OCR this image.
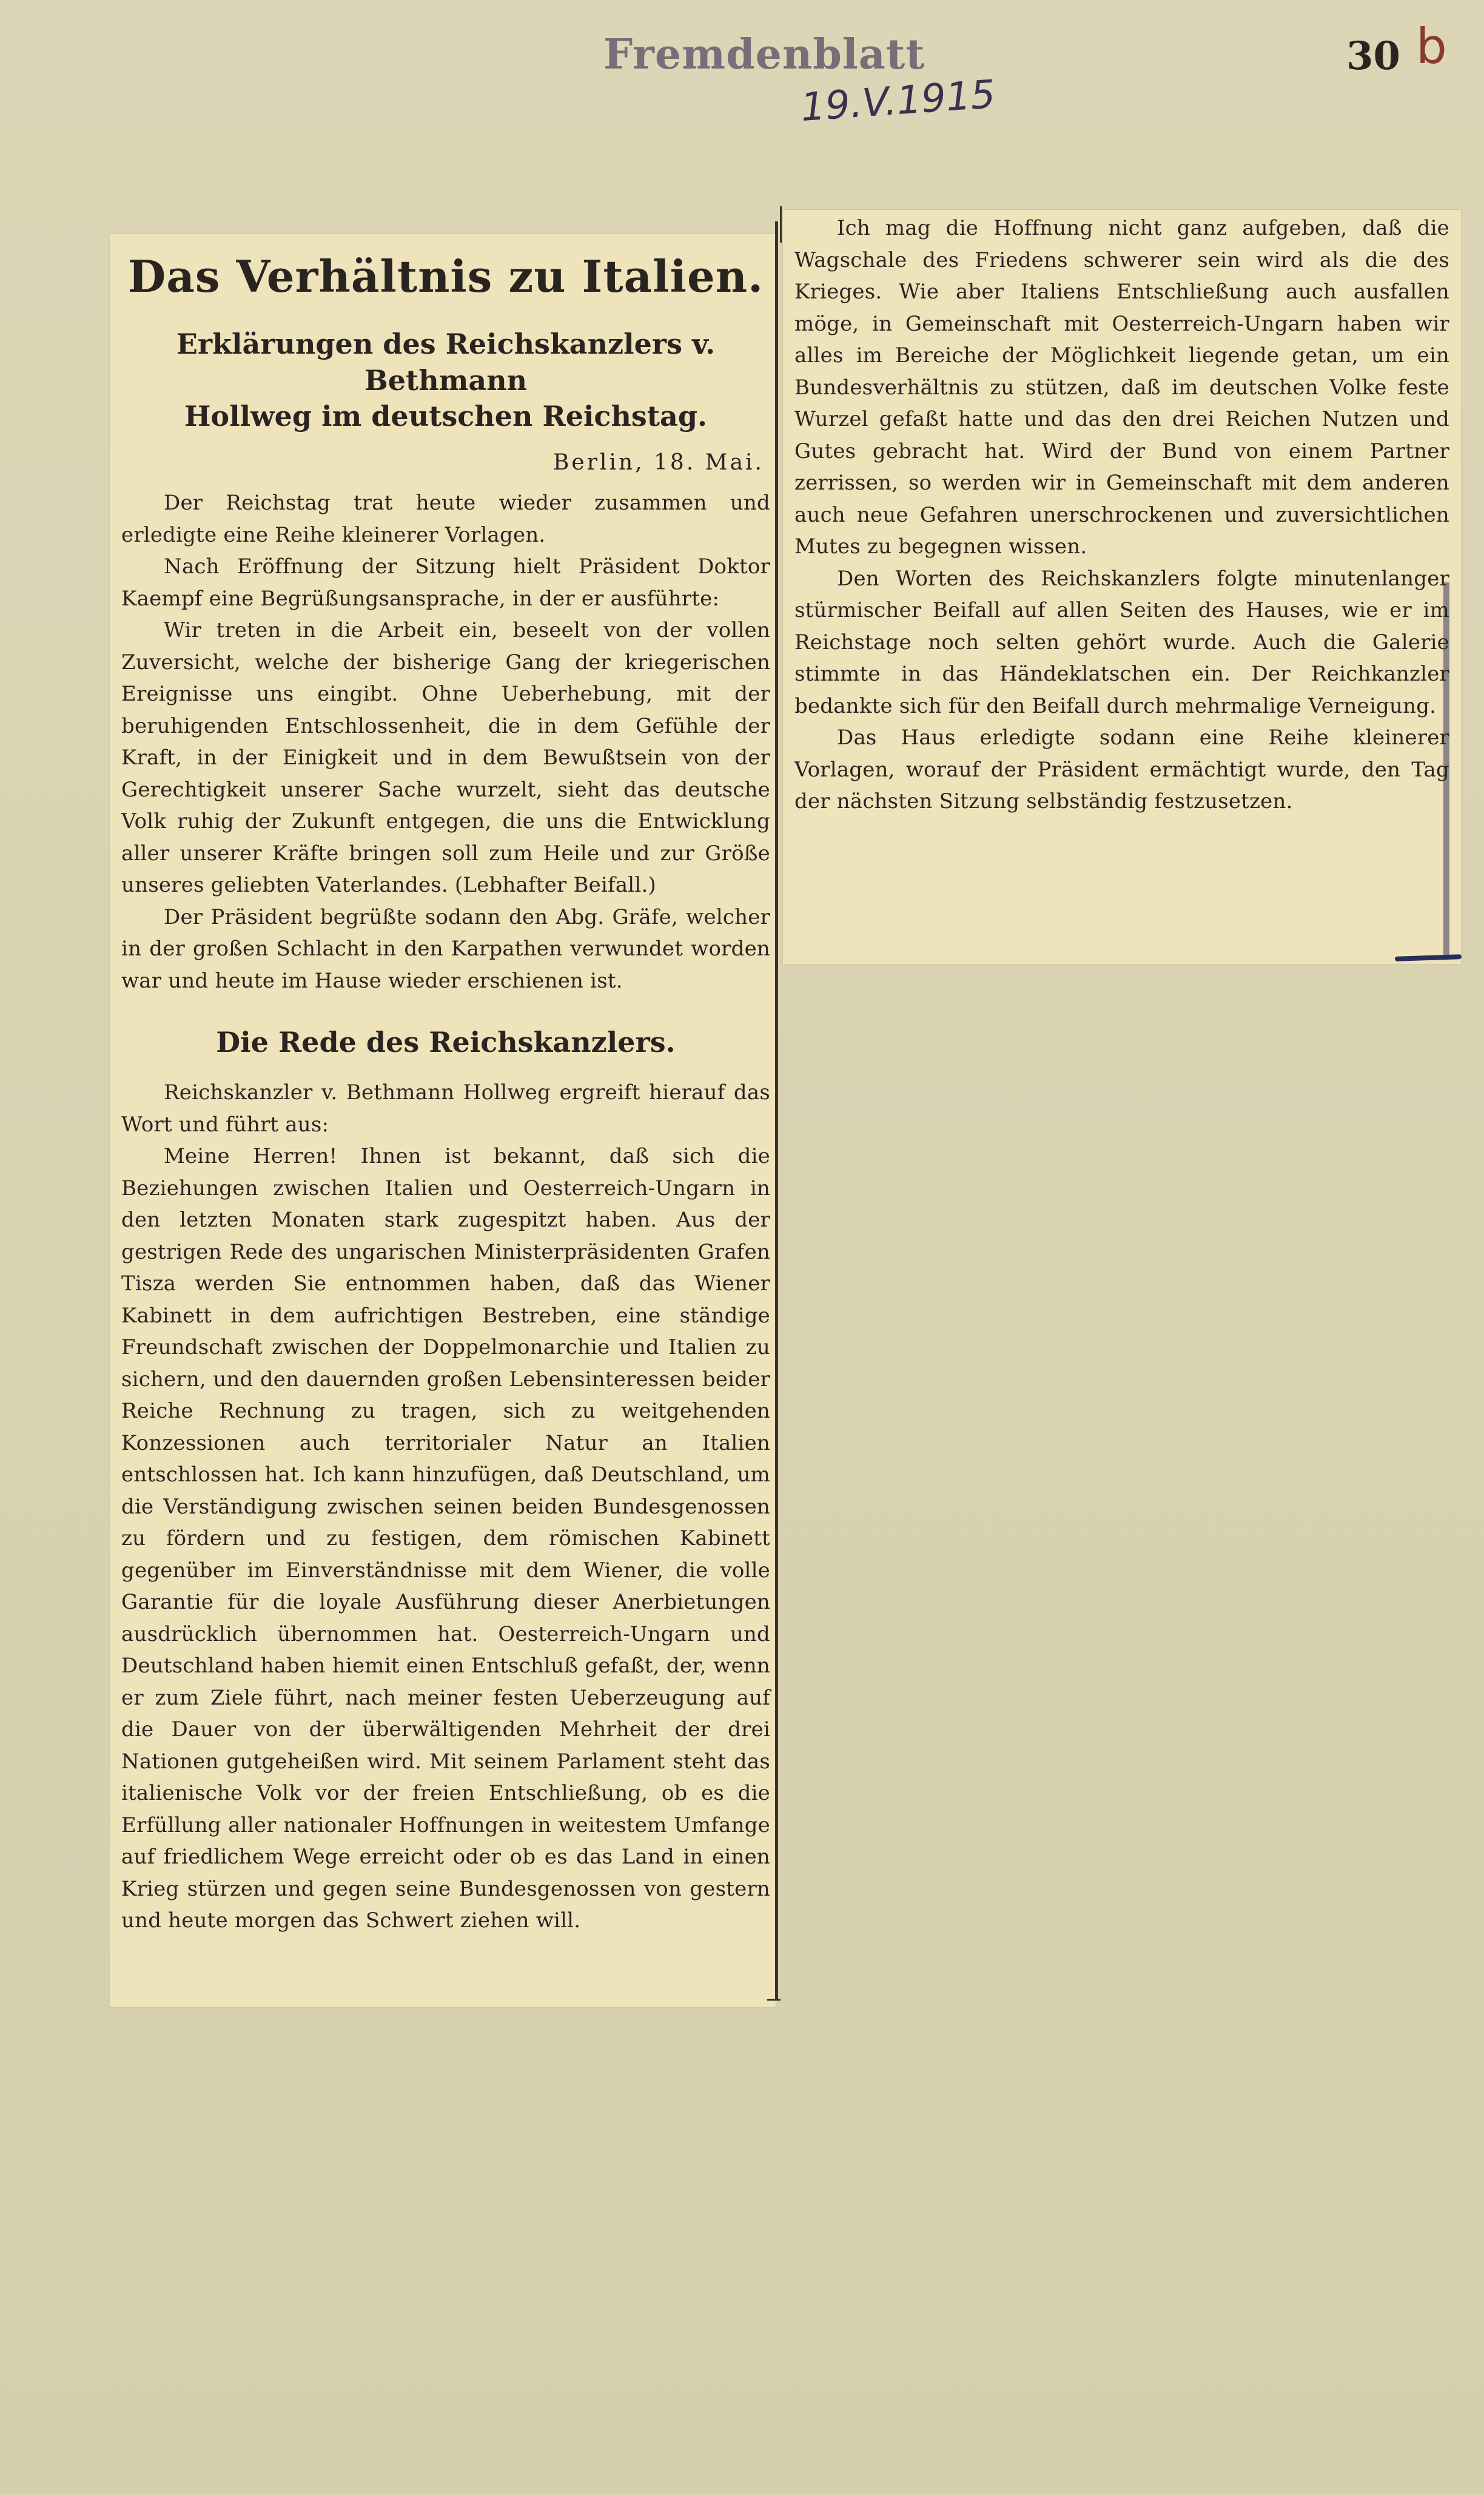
Fremdenblatt	30 b
19.V.1915
Das Verhältnis zu Italien.
Erklärungen des Reichskanzlers v. Bethmann
Hollweg im deutschen Reichstag.
Berlin, 18. Mai.

Der Reichstag trat heute wieder zusammen und erledigte eine Reihe kleinerer Vorlagen.

Nach Eröffnung der Sitzung hielt Präsident Doktor Kaempf eine Begrüßungsansprache, in der er ausführte:

Wir treten in die Arbeit ein, beseelt von der vollen Zuversicht, welche der bisherige Gang der kriegerischen Ereignisse uns eingibt. Ohne Ueberhebung, mit der beruhigenden Entschlossenheit, die in dem Gefühle der Kraft, in der Einigkeit und in dem Bewußtsein von der Gerechtigkeit unserer Sache wurzelt, sieht das deutsche Volk ruhig der Zukunft entgegen, die uns die Entwicklung aller unserer Kräfte bringen soll zum Heile und zur Größe unseres geliebten Vaterlandes. (Lebhafter Beifall.)

Der Präsident begrüßte sodann den Abg. Gräfe, welcher in der großen Schlacht in den Karpathen verwundet worden war und heute im Hause wieder erschienen ist.

Die Rede des Reichskanzlers.

Reichskanzler v. Bethmann Hollweg ergreift hierauf das Wort und führt aus:

Meine Herren! Ihnen ist bekannt, daß sich die Beziehungen zwischen Italien und Oesterreich-Ungarn in den letzten Monaten stark zugespitzt haben. Aus der gestrigen Rede des ungarischen Ministerpräsidenten Grafen Tisza werden Sie entnommen haben, daß das Wiener Kabinett in dem aufrichtigen Bestreben, eine ständige Freundschaft zwischen der Doppelmonarchie und Italien zu sichern, und den dauernden großen Lebensinteressen beider Reiche Rechnung zu tragen, sich zu weitgehenden Konzessionen auch territorialer Natur an Italien entschlossen hat. Ich kann hinzufügen, daß Deutschland, um die Verständigung zwischen seinen beiden Bundesgenossen zu fördern und zu festigen, dem römischen Kabinett gegenüber im Einverständnisse mit dem Wiener, die volle Garantie für die loyale Ausführung dieser Anerbietungen ausdrücklich übernommen hat. Oesterreich-Ungarn und Deutschland haben hiemit einen Entschluß gefaßt, der, wenn er zum Ziele führt, nach meiner festen Ueberzeugung auf die Dauer von der überwältigenden Mehrheit der drei Nationen gutgeheißen wird. Mit seinem Parlament steht das italienische Volk vor der freien Entschließung, ob es die Erfüllung aller nationaler Hoffnungen in weitestem Umfange auf friedlichem Wege erreicht oder ob es das Land in einen Krieg stürzen und gegen seine Bundesgenossen von gestern und heute morgen das Schwert ziehen will.

Ich mag die Hoffnung nicht ganz aufgeben, daß die Wagschale des Friedens schwerer sein wird als die des Krieges. Wie aber Italiens Entschließung auch ausfallen möge, in Gemeinschaft mit Oesterreich-Ungarn haben wir alles im Bereiche der Möglichkeit liegende getan, um ein Bundesverhältnis zu stützen, daß im deutschen Volke feste Wurzel gefaßt hatte und das den drei Reichen Nutzen und Gutes gebracht hat. Wird der Bund von einem Partner zerrissen, so werden wir in Gemeinschaft mit dem anderen auch neue Gefahren unerschrockenen und zuversichtlichen Mutes zu begegnen wissen.

Den Worten des Reichskanzlers folgte minutenlanger stürmischer Beifall auf allen Seiten des Hauses, wie er im Reichstage noch selten gehört wurde. Auch die Galerie stimmte in das Händeklatschen ein. Der Reichkanzler bedankte sich für den Beifall durch mehrmalige Verneigung.

Das Haus erledigte sodann eine Reihe kleinerer Vorlagen, worauf der Präsident ermächtigt wurde, den Tag der nächsten Sitzung selbständig festzusetzen.
